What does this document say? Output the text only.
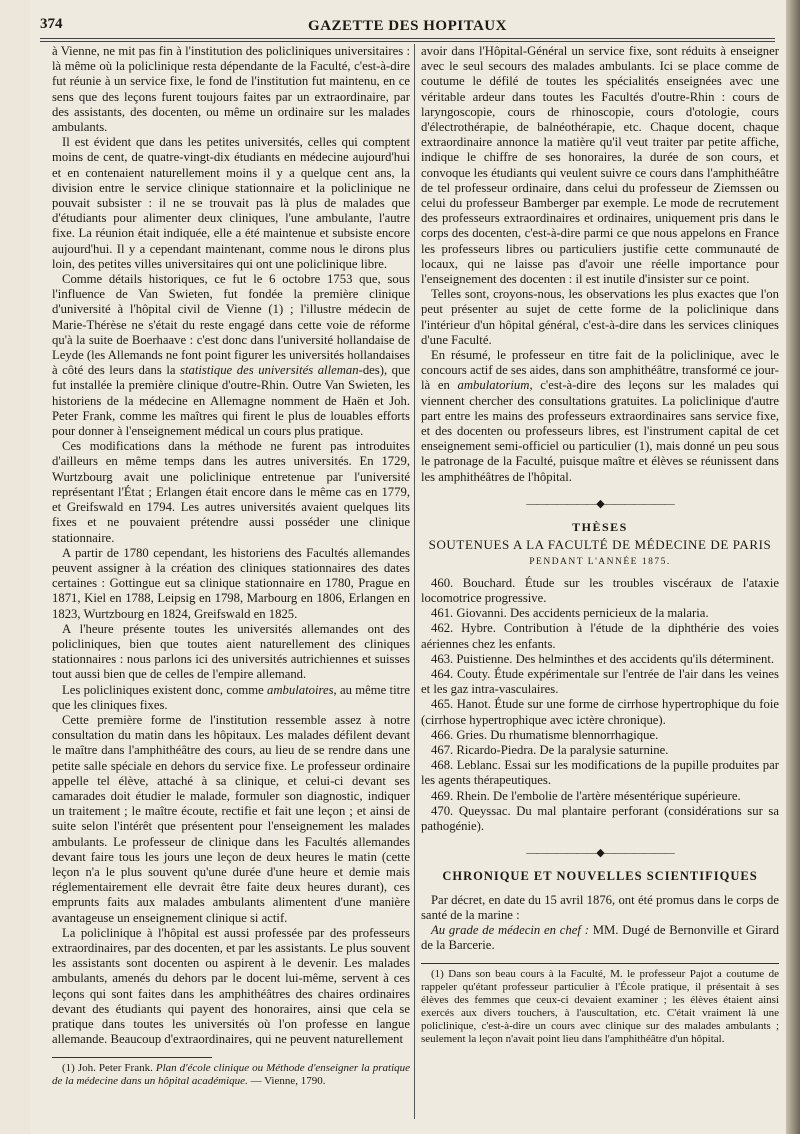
374	GAZETTE DES HOPITAUX

à Vienne, ne mit pas fin à l'institution des policliniques universitaires : là même où la policlinique resta dépendante de la Faculté, c'est-à-dire fut réunie à un service fixe, le fond de l'institution fut maintenu, en ce sens que des leçons furent toujours faites par un extraordinaire, par des assistants, des docenten, ou même un ordinaire sur les malades ambulants.

Il est évident que dans les petites universités, celles qui comptent moins de cent, de quatre-vingt-dix étudiants en médecine aujourd'hui et en contenaient naturellement moins il y a quelque cent ans, la division entre le service clinique stationnaire et la policlinique ne pouvait subsister : il ne se trouvait pas là plus de malades que d'étudiants pour alimenter deux cliniques, l'une ambulante, l'autre fixe. La réunion était indiquée, elle a été maintenue et subsiste encore aujourd'hui. Il y a cependant maintenant, comme nous le dirons plus loin, des petites villes universitaires qui ont une policlinique libre.

Comme détails historiques, ce fut le 6 octobre 1753 que, sous l'influence de Van Swieten, fut fondée la première clinique d'université à l'hôpital civil de Vienne (1) ; l'illustre médecin de Marie-Thérèse ne s'était du reste engagé dans cette voie de réforme qu'à la suite de Boerhaave : c'est donc dans l'université hollandaise de Leyde (les Allemands ne font point figurer les universités hollandaises à côté des leurs dans la statistique des universités alleman-des), que fut installée la première clinique d'outre-Rhin. Outre Van Swieten, les historiens de la médecine en Allemagne nomment de Haën et Joh. Peter Frank, comme les maîtres qui firent le plus de louables efforts pour donner à l'enseignement médical un cours plus pratique.

Ces modifications dans la méthode ne furent pas introduites d'ailleurs en même temps dans les autres universités. En 1729, Wurtzbourg avait une policlinique entretenue par l'université représentant l'État ; Erlangen était encore dans le même cas en 1779, et Greifswald en 1794. Les autres universités avaient quelques lits fixes et ne pouvaient prétendre aussi posséder une clinique stationnaire.

A partir de 1780 cependant, les historiens des Facultés allemandes peuvent assigner à la création des cliniques stationnaires des dates certaines : Gottingue eut sa clinique stationnaire en 1780, Prague en 1871, Kiel en 1788, Leipsig en 1798, Marbourg en 1806, Erlangen en 1823, Wurtzbourg en 1824, Greifswald en 1825.

A l'heure présente toutes les universités allemandes ont des policliniques, bien que toutes aient naturellement des cliniques stationnaires : nous parlons ici des universités autrichiennes et suisses tout aussi bien que de celles de l'empire allemand.

Les policliniques existent donc, comme ambulatoires, au même titre que les cliniques fixes.

Cette première forme de l'institution ressemble assez à notre consultation du matin dans les hôpitaux. Les malades défilent devant le maître dans l'amphithéâtre des cours, au lieu de se rendre dans une petite salle spéciale en dehors du service fixe. Le professeur ordinaire appelle tel élève, attaché à sa clinique, et celui-ci devant ses camarades doit étudier le malade, formuler son diagnostic, indiquer un traitement ; le maître écoute, rectifie et fait une leçon ; et ainsi de suite selon l'intérêt que présentent pour l'enseignement les malades ambulants. Le professeur de clinique dans les Facultés allemandes devant faire tous les jours une leçon de deux heures le matin (cette leçon n'a le plus souvent qu'une durée d'une heure et demie mais réglementairement elle devrait être faite deux heures durant), ces emprunts faits aux malades ambulants alimentent d'une manière avantageuse un enseignement clinique si actif.

La policlinique à l'hôpital est aussi professée par des professeurs extraordinaires, par des docenten, et par les assistants. Le plus souvent les assistants sont docenten ou aspirent à le devenir. Les malades ambulants, amenés du dehors par le docent lui-même, servent à ces leçons qui sont faites dans les amphithéâtres des chaires ordinaires devant des étudiants qui payent des honoraires, ainsi que cela se pratique dans toutes les universités où l'on professe en langue allemande. Beaucoup d'extraordinaires, qui ne peuvent naturellement

(1) Joh. Peter Frank. Plan d'école clinique ou Méthode d'enseigner la pratique de la médecine dans un hôpital académique. — Vienne, 1790.

avoir dans l'Hôpital-Général un service fixe, sont réduits à enseigner avec le seul secours des malades ambulants. Ici se place comme de coutume le défilé de toutes les spécialités enseignées avec une véritable ardeur dans toutes les Facultés d'outre-Rhin : cours de laryngoscopie, cours de rhinoscopie, cours d'otologie, cours d'électrothérapie, de balnéothérapie, etc. Chaque docent, chaque extraordinaire annonce la matière qu'il veut traiter par petite affiche, indique le chiffre de ses honoraires, la durée de son cours, et convoque les étudiants qui veulent suivre ce cours dans l'amphithéâtre de tel professeur ordinaire, dans celui du professeur de Ziemssen ou celui du professeur Bamberger par exemple. Le mode de recrutement des professeurs extraordinaires et ordinaires, uniquement pris dans le corps des docenten, c'est-à-dire parmi ce que nous appelons en France les professeurs libres ou particuliers justifie cette communauté de locaux, qui ne laisse pas d'avoir une réelle importance pour l'enseignement des docenten : il est inutile d'insister sur ce point.

Telles sont, croyons-nous, les observations les plus exactes que l'on peut présenter au sujet de cette forme de la policlinique dans l'intérieur d'un hôpital général, c'est-à-dire dans les services cliniques d'une Faculté.

En résumé, le professeur en titre fait de la policlinique, avec le concours actif de ses aides, dans son amphithéâtre, transformé ce jour-là en ambulatorium, c'est-à-dire des leçons sur les malades qui viennent chercher des consultations gratuites. La policlinique d'autre part entre les mains des professeurs extraordinaires sans service fixe, et des docenten ou professeurs libres, est l'instrument capital de cet enseignement semi-officiel ou particulier (1), mais donné un peu sous le patronage de la Faculté, puisque maître et élèves se réunissent dans les amphithéâtres de l'hôpital.

———————◆———————
THÈSES
SOUTENUES A LA FACULTÉ DE MÉDECINE DE PARIS
PENDANT L'ANNÉE 1875.

460. Bouchard. Étude sur les troubles viscéraux de l'ataxie locomotrice progressive.

461. Giovanni. Des accidents pernicieux de la malaria.

462. Hybre. Contribution à l'étude de la diphthérie des voies aériennes chez les enfants.

463. Puistienne. Des helminthes et des accidents qu'ils déterminent.

464. Couty. Étude expérimentale sur l'entrée de l'air dans les veines et les gaz intra-vasculaires.

465. Hanot. Étude sur une forme de cirrhose hypertrophique du foie (cirrhose hypertrophique avec ictère chronique).

466. Gries. Du rhumatisme blennorrhagique.

467. Ricardo-Piedra. De la paralysie saturnine.

468. Leblanc. Essai sur les modifications de la pupille produites par les agents thérapeutiques.

469. Rhein. De l'embolie de l'artère mésentérique supérieure.

470. Queyssac. Du mal plantaire perforant (considérations sur sa pathogénie).

———————◆———————
CHRONIQUE ET NOUVELLES SCIENTIFIQUES

Par décret, en date du 15 avril 1876, ont été promus dans le corps de santé de la marine :

Au grade de médecin en chef : MM. Dugé de Bernonville et Girard de la Barcerie.

(1) Dans son beau cours à la Faculté, M. le professeur Pajot a coutume de rappeler qu'étant professeur particulier à l'École pratique, il présentait à ses élèves des femmes que ceux-ci devaient examiner ; les élèves étaient ainsi exercés aux divers touchers, à l'auscultation, etc. C'était vraiment là une policlinique, c'est-à-dire un cours avec clinique sur des malades ambulants ; seulement la leçon n'avait point lieu dans l'amphithéâtre d'un hôpital.
